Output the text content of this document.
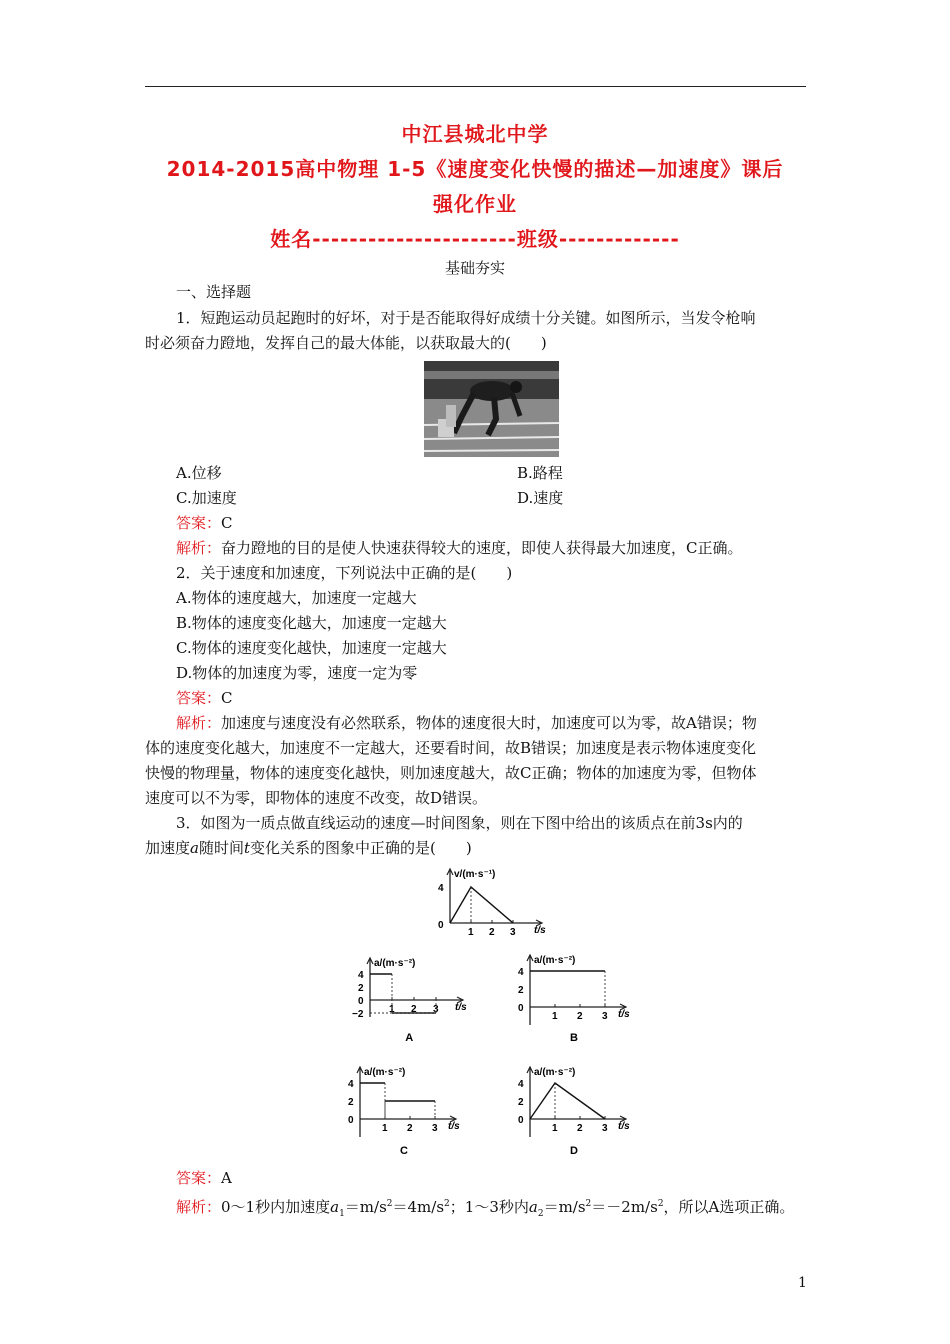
中江县城北中学
2014-2015高中物理 1-5《速度变化快慢的描述—加速度》课后
强化作业
姓名----------------------班级-------------
基础夯实
一、选择题
1．短跑运动员起跑时的好坏，对于是否能取得好成绩十分关键。如图所示，当发令枪响
时必须奋力蹬地，发挥自己的最大体能，以获取最大的(　　)
A.位移	B.路程
C.加速度	D.速度
答案：C
解析：奋力蹬地的目的是使人快速获得较大的速度，即使人获得最大加速度，C正确。
2．关于速度和加速度，下列说法中正确的是(　　)
A.物体的速度越大，加速度一定越大
B.物体的速度变化越大，加速度一定越大
C.物体的速度变化越快，加速度一定越大
D.物体的加速度为零，速度一定为零
答案：C
解析：加速度与速度没有必然联系，物体的速度很大时，加速度可以为零，故A错误；物
体的速度变化越大，加速度不一定越大，还要看时间，故B错误；加速度是表示物体速度变化
快慢的物理量，物体的速度变化越快，则加速度越大，故C正确；物体的加速度为零，但物体
速度可以不为零，即物体的速度不改变，故D错误。
3．如图为一质点做直线运动的速度—时间图象，则在下图中给出的该质点在前3s内的
加速度a随时间t变化关系的图象中正确的是(　　)
v/(m·s⁻¹)
t/s
1 2 3
4
0
a/(m·s⁻²)
t/s
1 2 3
4
2
0
−2
A
a/(m·s⁻²)
t/s
1 2 3
4
2
0
B
a/(m·s⁻²)
t/s
1 2 3
4
2
0
C
a/(m·s⁻²)
t/s
1 2 3
4
2
0
D
答案：A
解析：0～1秒内加速度$a_1=m/s^2=4m/s^2$；1～3秒内$a_2=m/s^2=-2m/s^2$，所以A选项正确。
1
